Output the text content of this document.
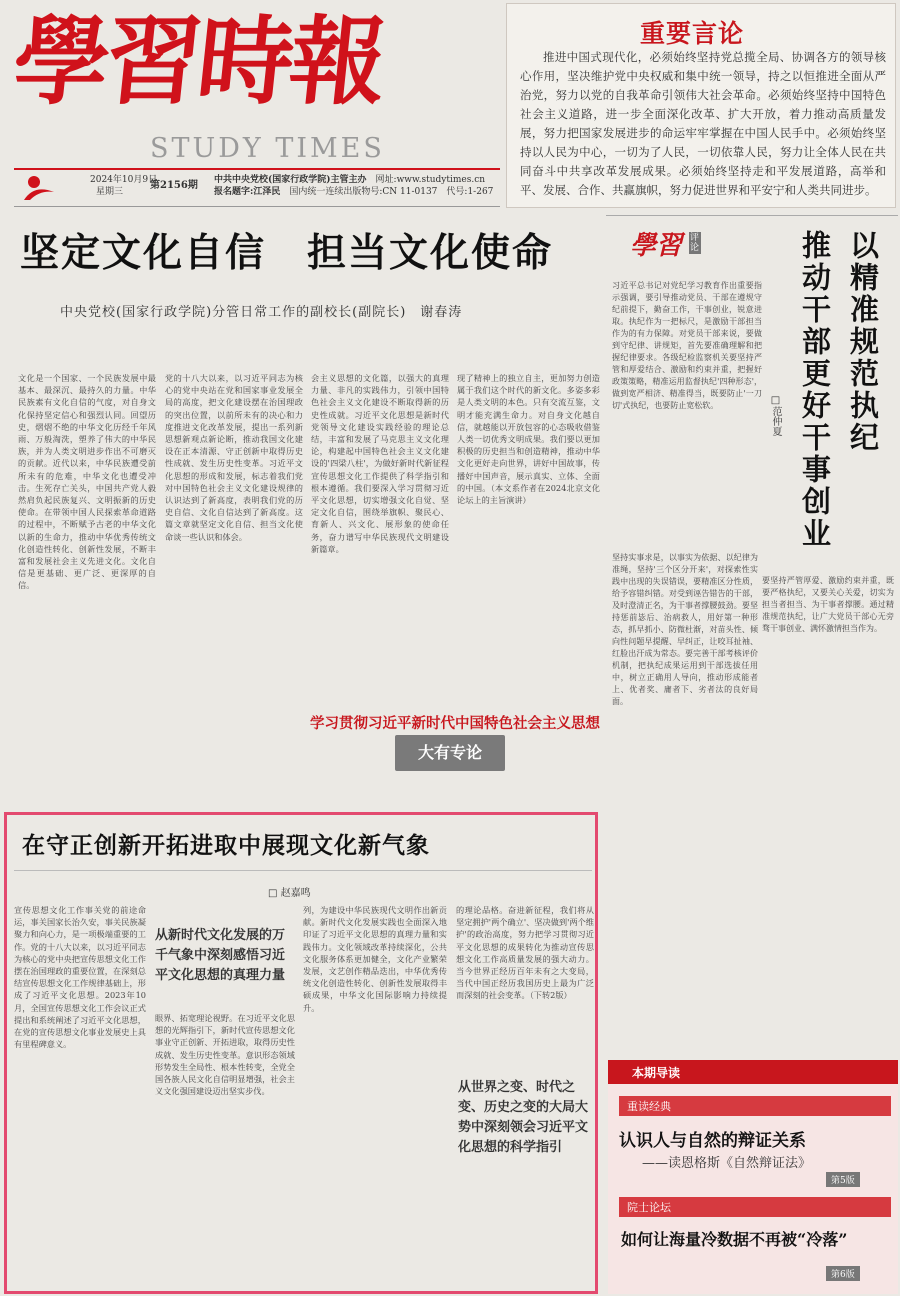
學習時報
STUDY TIMES
2024年10月9日
星期三
第2156期 中共中央党校(国家行政学院)主管主办　 网址:www.studytimes.cn
报名题字:江泽民　 国内统一连续出版物号:CN 11-0137　 代号:1-267
重要言论
推进中国式现代化，必须始终坚持党总揽全局、协调各方的领导核心作用，坚决维护党中央权威和集中统一领导，持之以恒推进全面从严治党，努力以党的自我革命引领伟大社会革命。必须始终坚持中国特色社会主义道路，进一步全面深化改革、扩大开放，着力推动高质量发展，努力把国家发展进步的命运牢牢掌握在中国人民手中。必须始终坚持以人民为中心，一切为了人民，一切依靠人民，努力让全体人民在共同奋斗中共享改革发展成果。必须始终坚持走和平发展道路，高举和平、发展、合作、共赢旗帜，努力促进世界和平安宁和人类共同进步。
坚定文化自信　担当文化使命
中央党校(国家行政学院)分管日常工作的副校长(副院长)　谢春涛
文化是一个国家、一个民族发展中最基本、最深沉、最持久的力量。中华民族素有文化自信的气度，对自身文化保持坚定信心和强烈认同。回望历史，熠熠不绝的中华文化历经千年风雨、万般淘洗，塑养了伟大的中华民族，并为人类文明进步作出不可磨灭的贡献。近代以来，中华民族遭受前所未有的危难，中华文化也遭受冲击。生死存亡关头，中国共产党人毅然肩负起民族复兴、文明振新的历史使命。在带领中国人民探索革命道路的过程中，不断赋予古老的中华文化以新的生命力，推动中华优秀传统文化创造性转化、创新性发展，不断丰富和发展社会主义先进文化。文化自信是更基础、更广泛、更深厚的自信。
党的十八大以来，以习近平同志为核心的党中央站在党和国家事业发展全局的高度，把文化建设摆在治国理政的突出位置，以前所未有的决心和力度推进文化改革发展，提出一系列新思想新观点新论断，推动我国文化建设在正本清源、守正创新中取得历史性成就、发生历史性变革。习近平文化思想的形成和发展，标志着我们党对中国特色社会主义文化建设规律的认识达到了新高度，表明我们党的历史自信、文化自信达到了新高度。这篇文章就坚定文化自信、担当文化使命谈一些认识和体会。
会主义思想的文化篇，以强大的真理力量、非凡的实践伟力，引领中国特色社会主义文化建设不断取得新的历史性成就。习近平文化思想是新时代党领导文化建设实践经验的理论总结，丰富和发展了马克思主义文化理论，构建起中国特色社会主义文化建设的'四梁八柱'，为做好新时代新征程宣传思想文化工作提供了科学指引和根本遵循。我们要深入学习贯彻习近平文化思想，切实增强文化自觉、坚定文化自信，围绕举旗帜、聚民心、育新人、兴文化、展形象的使命任务，奋力谱写中华民族现代文明建设新篇章。
现了精神上的独立自主，更加努力创造属于我们这个时代的新文化。多姿多彩是人类文明的本色。只有交流互鉴，文明才能充满生命力。对自身文化越自信，就越能以开放包容的心态吸收借鉴人类一切优秀文明成果。我们要以更加积极的历史担当和创造精神，推动中华文化更好走向世界，讲好中国故事，传播好中国声音，展示真实、立体、全面的中国。（本文系作者在2024北京文化论坛上的主旨演讲）
学习贯彻习近平新时代中国特色社会主义思想
大有专论
學習 评论	以精准规范执纪
推动干部更好干事创业
□范仲夏
习近平总书记对党纪学习教育作出重要指示强调，要引导推动党员、干部在遵规守纪前提下，勤奋工作，干事创业，锐意进取。执纪作为一把标尺，是激励干部担当作为的有力保障。对党员干部来说，要做到守纪律、讲规矩，首先要准确理解和把握纪律要求。各级纪检监察机关要坚持严管和厚爱结合、激励和约束并重，把握好政策策略，精准运用监督执纪'四种形态'，做到宽严相济、精准得当，既要防止'一刀切'式执纪，也要防止宽松软。
坚持实事求是，以事实为依据、以纪律为准绳，坚持'三个区分开来'，对探索性实践中出现的失误错误，要精准区分性质，给予容错纠错。对受到诬告错告的干部，及时澄清正名，为干事者撑腰鼓劲。要坚持惩前毖后、治病救人，用好第一种形态，抓早抓小、防微杜渐，对苗头性、倾向性问题早提醒、早纠正，让咬耳扯袖、红脸出汗成为常态。要完善干部考核评价机制，把执纪成果运用到干部选拔任用中，树立正确用人导向，推动形成能者上、优者奖、庸者下、劣者汰的良好局面。
要坚持严管厚爱、激励约束并重，既要严格执纪，又要关心关爱，切实为担当者担当、为干事者撑腰。通过精准规范执纪，让广大党员干部心无旁骛干事创业、满怀激情担当作为。
在守正创新开拓进取中展现文化新气象
□ 赵嘉鸣
宣传思想文化工作事关党的前途命运，事关国家长治久安，事关民族凝聚力和向心力，是一项极端重要的工作。党的十八大以来，以习近平同志为核心的党中央把宣传思想文化工作摆在治国理政的重要位置，在深刻总结宣传思想文化工作规律基础上，形成了习近平文化思想。2023年10月，全国宣传思想文化工作会议正式提出和系统阐述了习近平文化思想，在党的宣传思想文化事业发展史上具有里程碑意义。
从新时代文化发展的万千气象中深刻感悟习近平文化思想的真理力量
眼界、拓宽理论视野。在习近平文化思想的光辉指引下，新时代宣传思想文化事业守正创新、开拓进取，取得历史性成就、发生历史性变革。意识形态领域形势发生全局性、根本性转变，全党全国各族人民文化自信明显增强，社会主义文化强国建设迈出坚实步伐。
列，为建设中华民族现代文明作出新贡献。新时代文化发展实践也全面深入地印证了习近平文化思想的真理力量和实践伟力。文化领域改革持续深化，公共文化服务体系更加健全，文化产业繁荣发展，文艺创作精品迭出，中华优秀传统文化创造性转化、创新性发展取得丰硕成果，中华文化国际影响力持续提升。
的理论品格。奋进新征程，我们将从坚定拥护'两个确立'、坚决做到'两个维护'的政治高度，努力把学习贯彻习近平文化思想的成果转化为推动宣传思想文化工作高质量发展的强大动力。当今世界正经历百年未有之大变局，当代中国正经历我国历史上最为广泛而深刻的社会变革。（下转2版）
从世界之变、时代之变、历史之变的大局大势中深刻领会习近平文化思想的科学指引
本期导读
重读经典
认识人与自然的辩证关系
——读恩格斯《自然辩证法》
第5版
院士论坛
如何让海量冷数据不再被“冷落”
第6版
